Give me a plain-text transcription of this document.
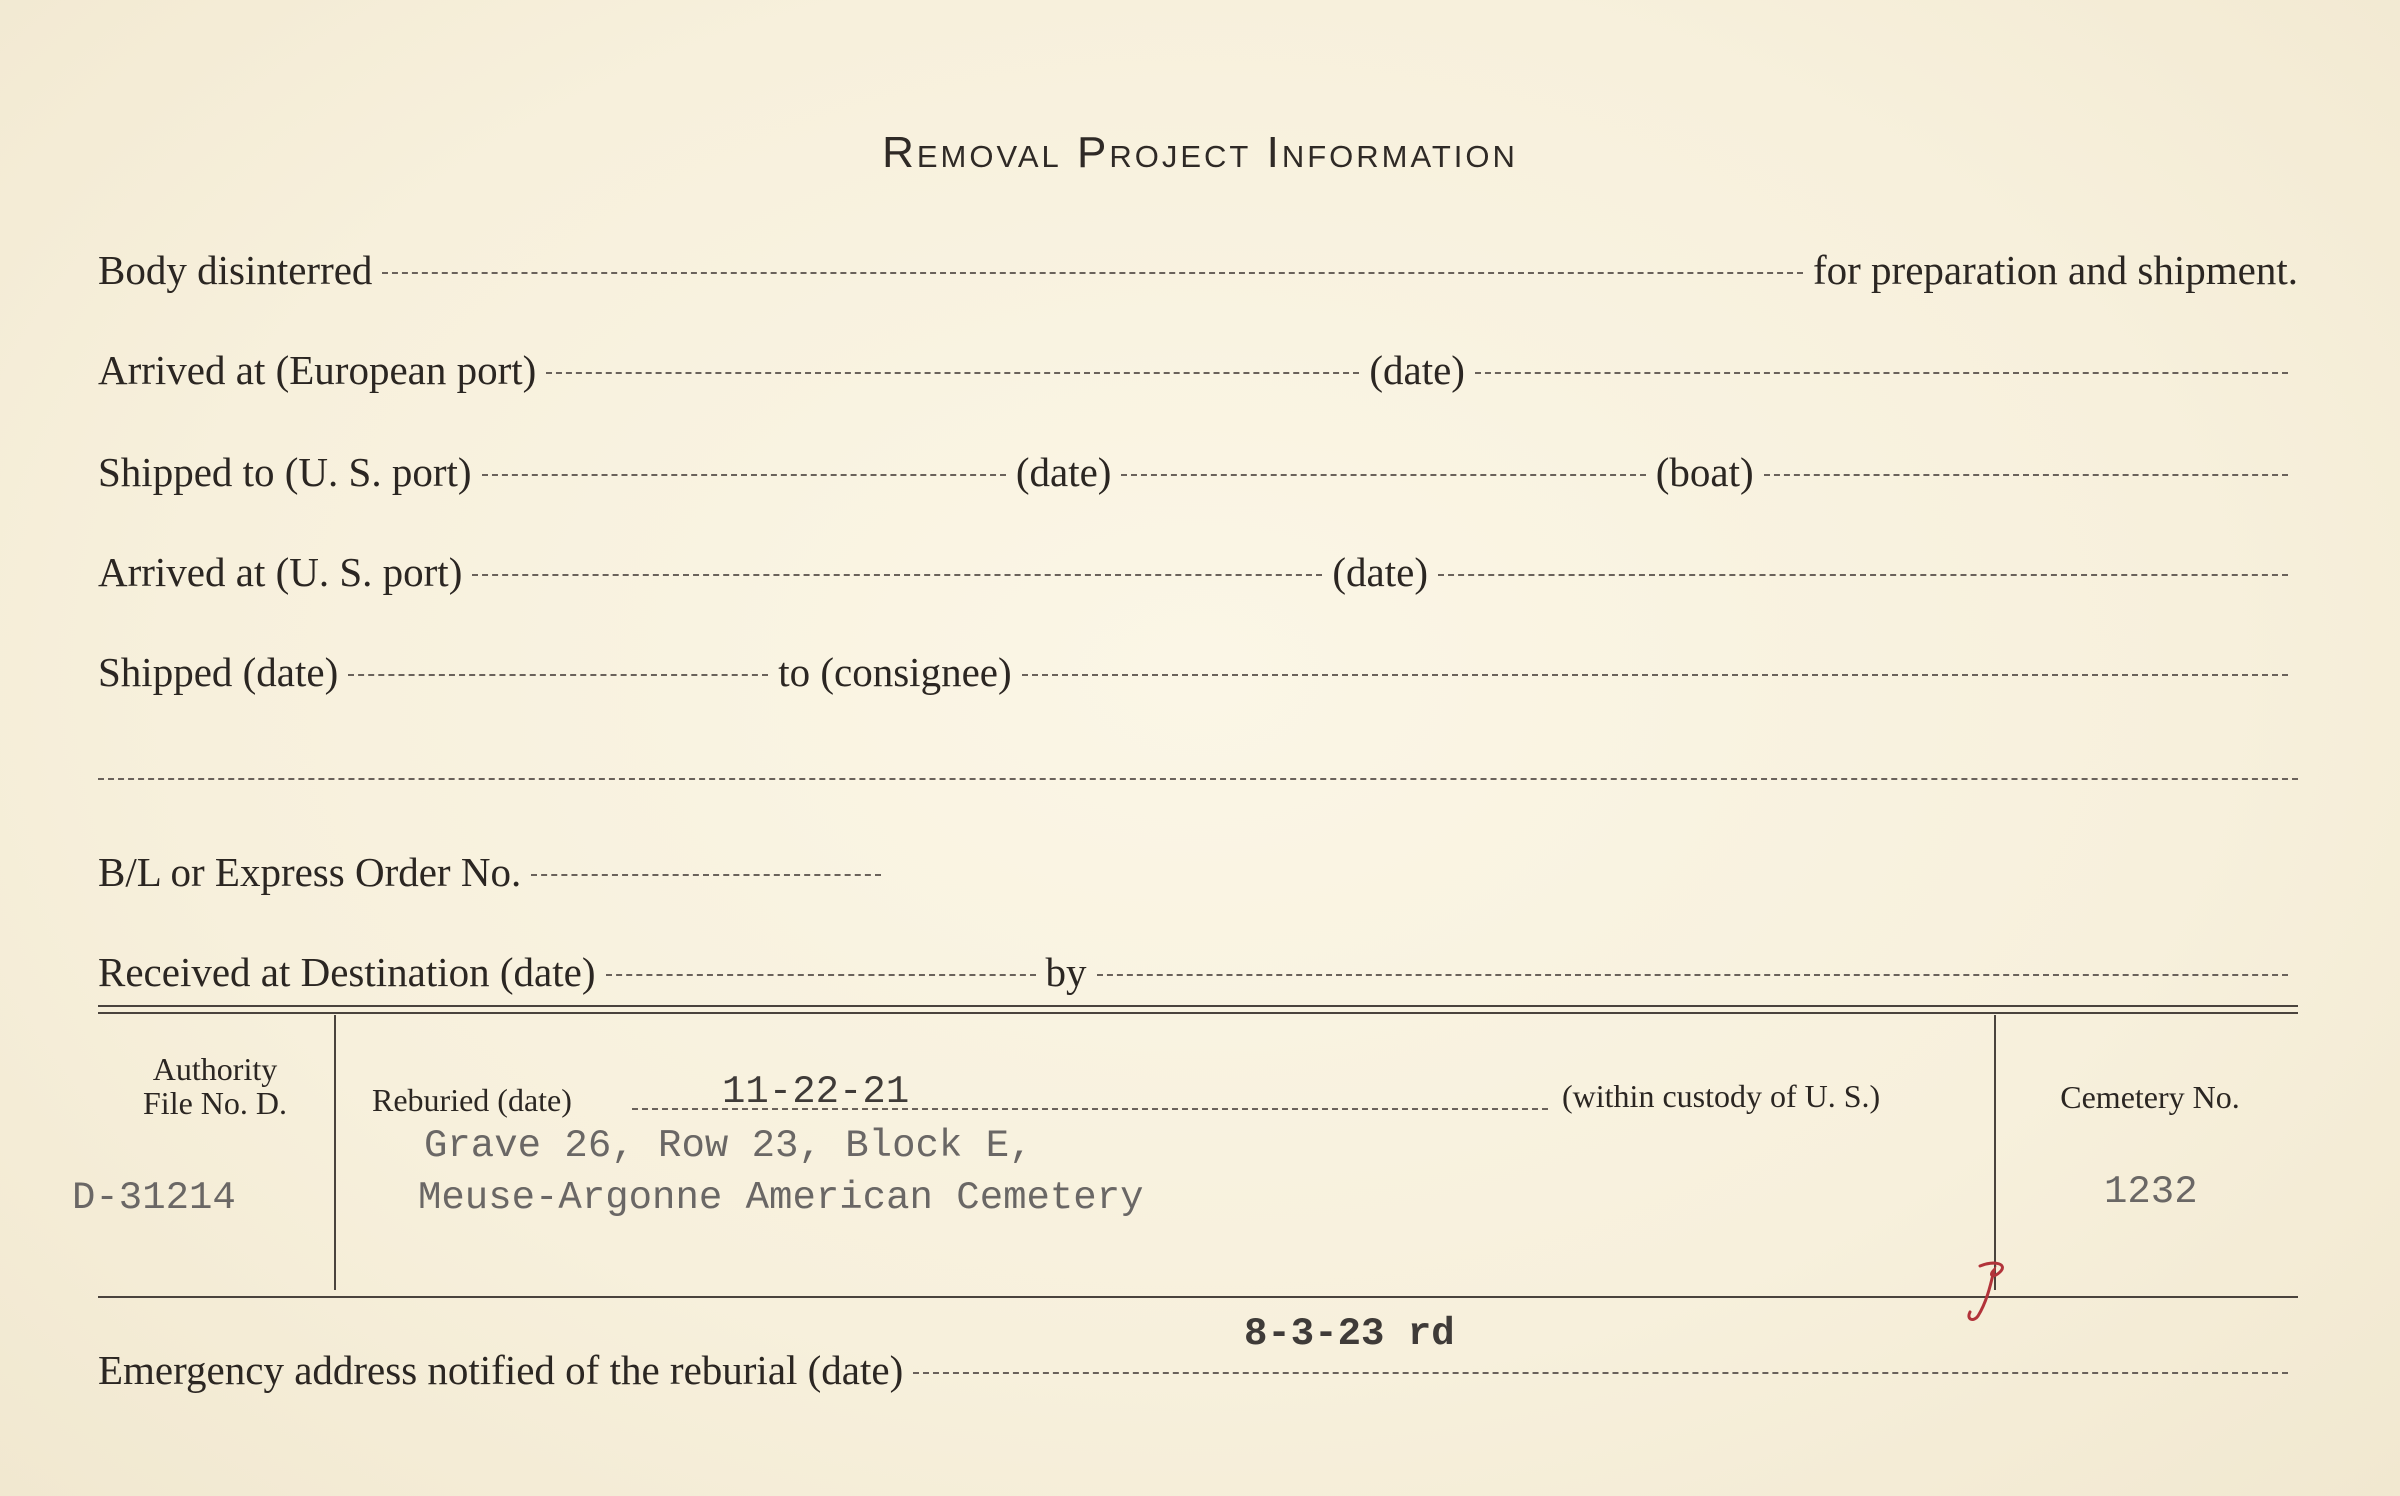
Removal Project Information
Body disinterred	for preparation and shipment.
Arrived at (European port)	(date)
Shipped to (U. S. port)	(date)	(boat)
Arrived at (U. S. port)	(date)
Shipped (date)	to (consignee)
B/L or Express Order No.
Received at Destination (date)	by
Authority
File No. D.
D-31214
Reburied (date)	11-22-21	(within custody of U. S.)
Grave 26, Row 23, Block E,
Meuse-Argonne American Cemetery
Cemetery No.
1232
Emergency address notified of the reburial (date)
8-3-23 rd
